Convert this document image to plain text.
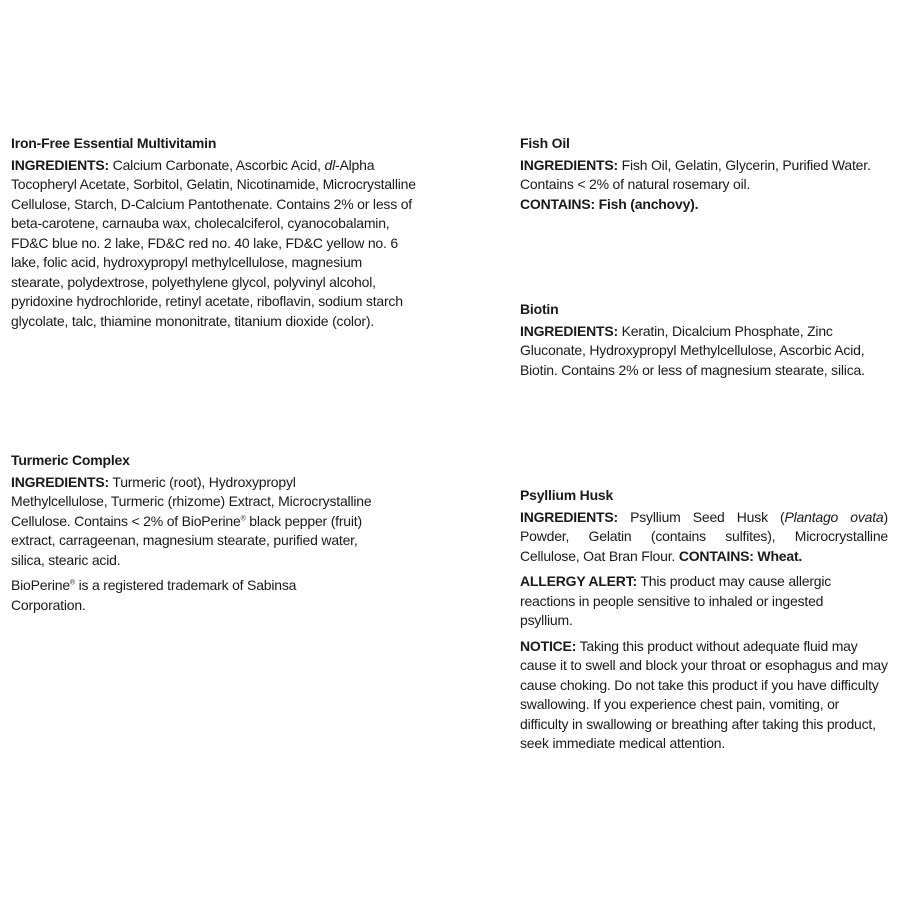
Iron-Free Essential Multivitamin
INGREDIENTS: Calcium Carbonate, Ascorbic Acid, dl-Alpha Tocopheryl Acetate, Sorbitol, Gelatin, Nicotinamide, Microcrystalline Cellulose, Starch, D-Calcium Pantothenate. Contains 2% or less of beta-carotene, carnauba wax, cholecalciferol, cyanocobalamin, FD&C blue no. 2 lake, FD&C red no. 40 lake, FD&C yellow no. 6 lake, folic acid, hydroxypropyl methylcellulose, magnesium stearate, polydextrose, polyethylene glycol, polyvinyl alcohol, pyridoxine hydrochloride, retinyl acetate, riboflavin, sodium starch glycolate, talc, thiamine mononitrate, titanium dioxide (color).
Turmeric Complex
INGREDIENTS: Turmeric (root), Hydroxypropyl Methylcellulose, Turmeric (rhizome) Extract, Microcrystalline Cellulose. Contains < 2% of BioPerine® black pepper (fruit) extract, carrageenan, magnesium stearate, purified water, silica, stearic acid.
BioPerine® is a registered trademark of Sabinsa Corporation.
Fish Oil
INGREDIENTS: Fish Oil, Gelatin, Glycerin, Purified Water. Contains < 2% of natural rosemary oil.
CONTAINS: Fish (anchovy).
Biotin
INGREDIENTS: Keratin, Dicalcium Phosphate, Zinc Gluconate, Hydroxypropyl Methylcellulose, Ascorbic Acid, Biotin. Contains 2% or less of magnesium stearate, silica.
Psyllium Husk
INGREDIENTS: Psyllium Seed Husk (Plantago ovata) Powder, Gelatin (contains sulfites), Microcrystalline Cellulose, Oat Bran Flour. CONTAINS: Wheat.
ALLERGY ALERT: This product may cause allergic reactions in people sensitive to inhaled or ingested psyllium.
NOTICE: Taking this product without adequate fluid may cause it to swell and block your throat or esophagus and may cause choking. Do not take this product if you have difficulty swallowing. If you experience chest pain, vomiting, or difficulty in swallowing or breathing after taking this product, seek immediate medical attention.
